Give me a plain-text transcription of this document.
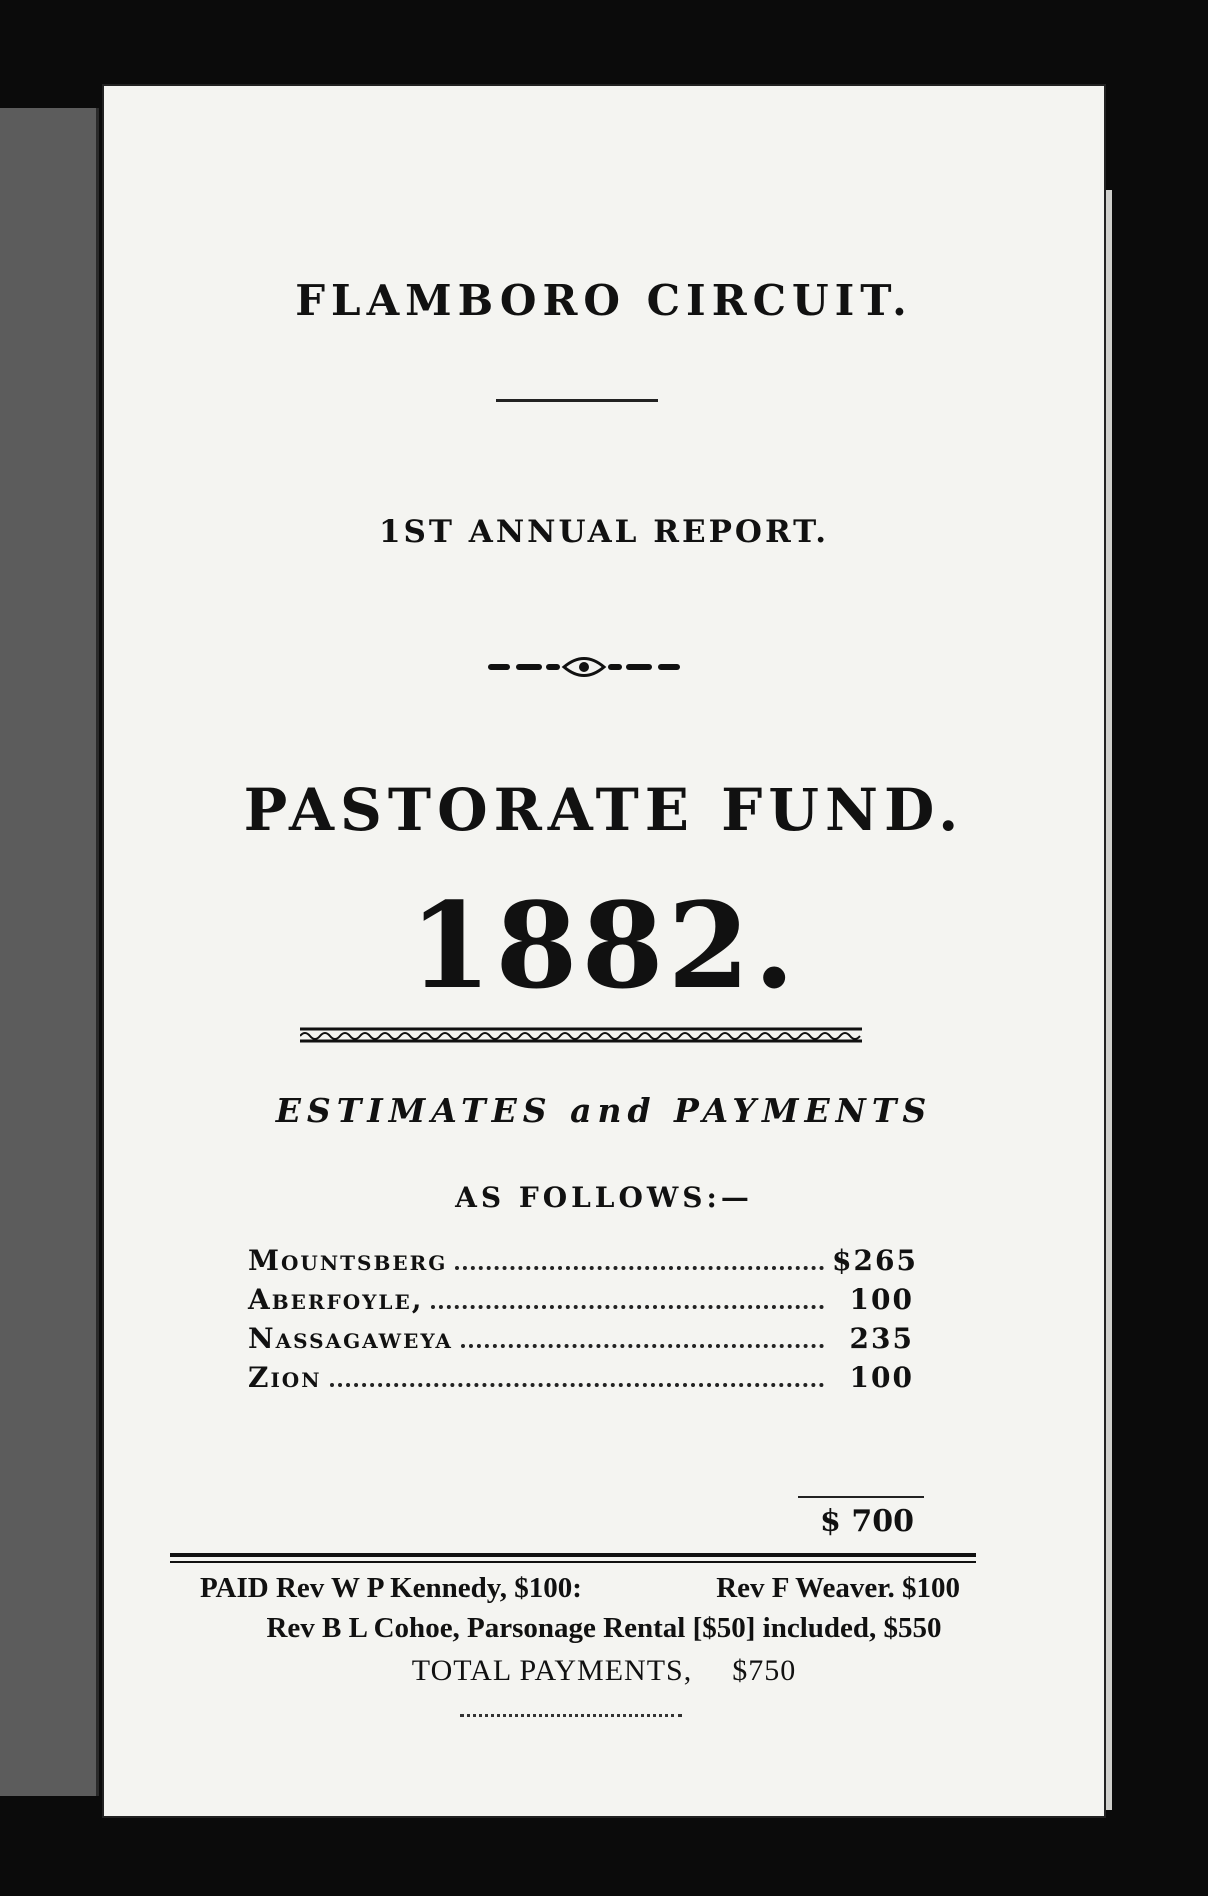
FLAMBORO CIRCUIT.
1ST ANNUAL REPORT.
PASTORATE FUND.
1882.
ESTIMATES and PAYMENTS
AS FOLLOWS:—
Mountsberg	$265
Aberfoyle,	100
Nassagaweya	235
Zion	100
$ 700
PAID Rev W P Kennedy, $100:	Rev F Weaver. $100
Rev B L Cohoe, Parsonage Rental [$50] included, $550
TOTAL PAYMENTS, $750
